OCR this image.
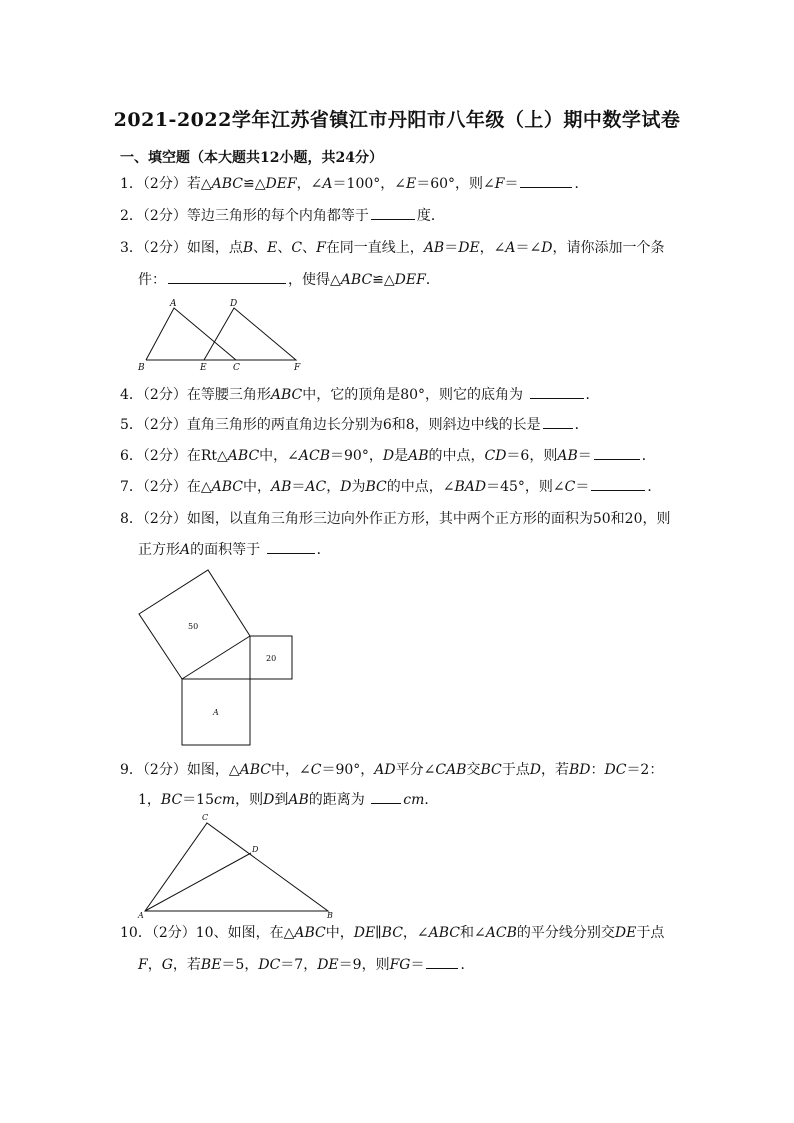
2021-2022学年江苏省镇江市丹阳市八年级（上）期中数学试卷
一、填空题（本大题共12小题，共24分）
1．（2分）若△ABC≌△DEF，∠A＝100°，∠E＝60°，则∠F＝	．
2．（2分）等边三角形的每个内角都等于	度．
3．（2分）如图，点B、E、C、F在同一直线上，AB＝DE，∠A＝∠D，请你添加一个条
件：	，使得△ABC≌△DEF．
A	D
B	E	C	F
4．（2分）在等腰三角形ABC中，它的顶角是80°，则它的底角为	．
5．（2分）直角三角形的两直角边长分别为6和8，则斜边中线的长是 ．
6．（2分）在Rt△ABC中，∠ACB＝90°，D是AB的中点，CD＝6，则AB＝	．
7．（2分）在△ABC中，AB＝AC，D为BC的中点，∠BAD＝45°，则∠C＝	．
8．（2分）如图，以直角三角形三边向外作正方形，其中两个正方形的面积为50和20，则
正方形A的面积等于	．
50
20
A
9．（2分）如图，△ABC中，∠C＝90°，AD平分∠CAB交BC于点D，若BD：DC＝2：
1，BC＝15cm，则D到AB的距离为 cm．
C
D
A	B
10．（2分）10、如图，在△ABC中，DE∥BC，∠ABC和∠ACB的平分线分别交DE于点
F，G，若BE＝5，DC＝7，DE＝9，则FG＝	．
